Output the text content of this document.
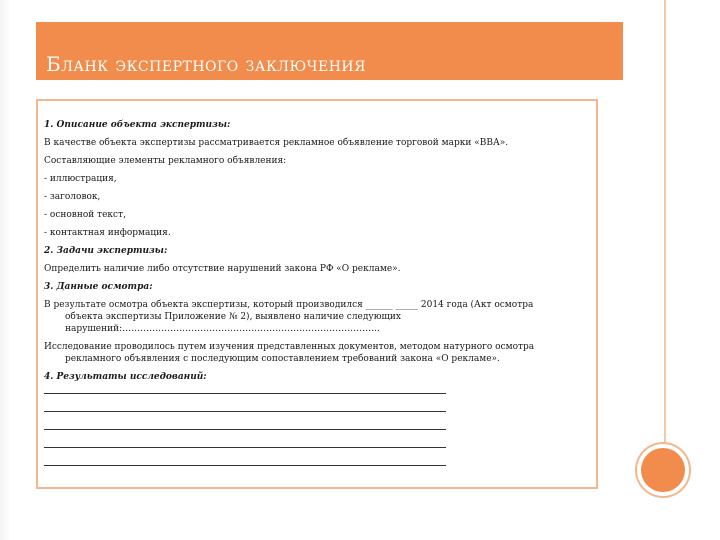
Бланк экспертного заключения
1. Описание объекта экспертизы:
В качестве объекта экспертизы рассматривается рекламное объявление торговой марки «ВВА».
Составляющие элементы рекламного объявления:
- иллюстрация,
- заголовок,
- основной текст,
- контактная информация.
2. Задачи экспертизы:
Определить наличие либо отсутствие нарушений закона РФ «О рекламе».
3. Данные осмотра:
В результате осмотра объекта экспертизы, который производился ______ _____ 2014 года (Акт осмотра
объекта экспертизы Приложение № 2), выявлено наличие следующих
нарушений:…………………………………………………………………………..
Исследование проводилось путем изучения представленных документов, методом натурного осмотра
рекламного объявления с последующим сопоставлением требований закона «О рекламе».
4. Результаты исследований:
